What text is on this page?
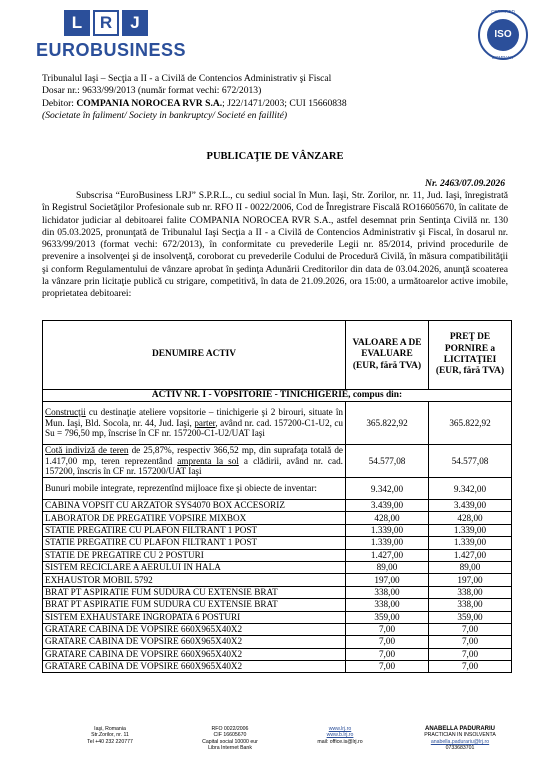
L	R	J
EUROBUSINESS
CERTIFIED
ISO
COMPANY
Tribunalul Iaşi – Secţia a II - a Civilă de Contencios Administrativ şi Fiscal
Dosar nr.: 9633/99/2013 (număr format vechi: 672/2013)
Debitor: COMPANIA NOROCEA RVR S.A.; J22/1471/2003; CUI 15660838
(Societate în faliment/ Society in bankruptcy/ Societé en faillité)
PUBLICAŢIE DE VÂNZARE
Nr. 2463/07.09.2026
Subscrisa “EuroBusiness LRJ” S.P.R.L., cu sediul social în Mun. Iaşi, Str. Zorilor, nr. 11, Jud. Iaşi, înregistrată în Registrul Societăţilor Profesionale sub nr. RFO II - 0022/2006, Cod de Înregistrare Fiscală RO16605670, în calitate de lichidator judiciar al debitoarei falite COMPANIA NOROCEA RVR S.A., astfel desemnat prin Sentinţa Civilă nr. 130 din 05.03.2025, pronunţată de Tribunalul Iaşi Secţia a II - a Civilă de Contencios Administrativ şi Fiscal, în dosarul nr. 9633/99/2013 (format vechi: 672/2013), în conformitate cu prevederile Legii nr. 85/2014, privind procedurile de prevenire a insolvenţei şi de insolvenţă, coroborat cu prevederile Codului de Procedură Civilă, în măsura compatibilităţii şi conform Regulamentului de vânzare aprobat în şedinţa Adunării Creditorilor din data de 03.04.2026, anunţă scoaterea la vânzare prin licitaţie publică cu strigare, competitivă, în data de 21.09.2026, ora 15:00, a următoarelor active imobile, proprietatea debitoarei:
DENUMIRE ACTIV	VALOARE A DE EVALUARE (EUR, fără TVA)	PREŢ DE PORNIRE a LICITAŢIEI (EUR, fără TVA)
ACTIV NR. I - VOPSITORIE - TINICHIGERIE, compus din:		
Construcţii cu destinaţie ateliere vopsitorie – tinichigerie şi 2 birouri, situate în Mun. Iaşi, Bld. Socola, nr. 44, Jud. Iaşi, parter, având nr. cad. 157200-C1-U2, cu Su = 796,50 mp, înscrise în CF nr. 157200-C1-U2/UAT Iaşi	365.822,92	365.822,92
Cotă indiviză de teren de 25,87%, respectiv 366,52 mp, din suprafaţa totală de 1.417,00 mp, teren reprezentând amprenta la sol a clădirii, având nr. cad. 157200, înscris în CF nr. 157200/UAT Iaşi	54.577,08	54.577,08
Bunuri mobile integrate, reprezentînd mijloace fixe şi obiecte de inventar:	9.342,00	9.342,00
CABINA VOPSIT CU ARZATOR SYS4070 BOX ACCESORIZ	3.439,00	3.439,00
LABORATOR DE PREGATIRE VOPSIRE MIXBOX	428,00	428,00
STATIE PREGATIRE CU PLAFON FILTRANT 1 POST	1.339,00	1.339,00
STATIE PREGATIRE CU PLAFON FILTRANT 1 POST	1.339,00	1.339,00
STATIE DE PREGATIRE CU 2 POSTURI	1.427,00	1.427,00
SISTEM RECICLARE A AERULUI IN HALA	89,00	89,00
EXHAUSTOR MOBIL 5792	197,00	197,00
BRAT PT ASPIRATIE FUM SUDURA CU EXTENSIE BRAT	338,00	338,00
BRAT PT ASPIRATIE FUM SUDURA CU EXTENSIE BRAT	338,00	338,00
SISTEM EXHAUSTARE INGROPATA 6 POSTURI	359,00	359,00
GRATARE CABINA DE VOPSIRE 660X965X40X2	7,00	7,00
GRATARE CABINA DE VOPSIRE 660X965X40X2	7,00	7,00
GRATARE CABINA DE VOPSIRE 660X965X40X2	7,00	7,00
GRATARE CABINA DE VOPSIRE 660X965X40X2	7,00	7,00
Iaşi, Romania
Str.Zorilor, nr. 11
Tel +40 232 220777
RFO 0022/2006
CIF 16605670
Capital social 10000 eur
Libra Internet Bank
www.lrj.ro
www.b.lrj.ro
mail: office.is@lrj.ro
ANABELLA PADURARIU
PRACTICIAN IN INSOLVENTA
anabella.padurariu@lrj.ro
0733683701
